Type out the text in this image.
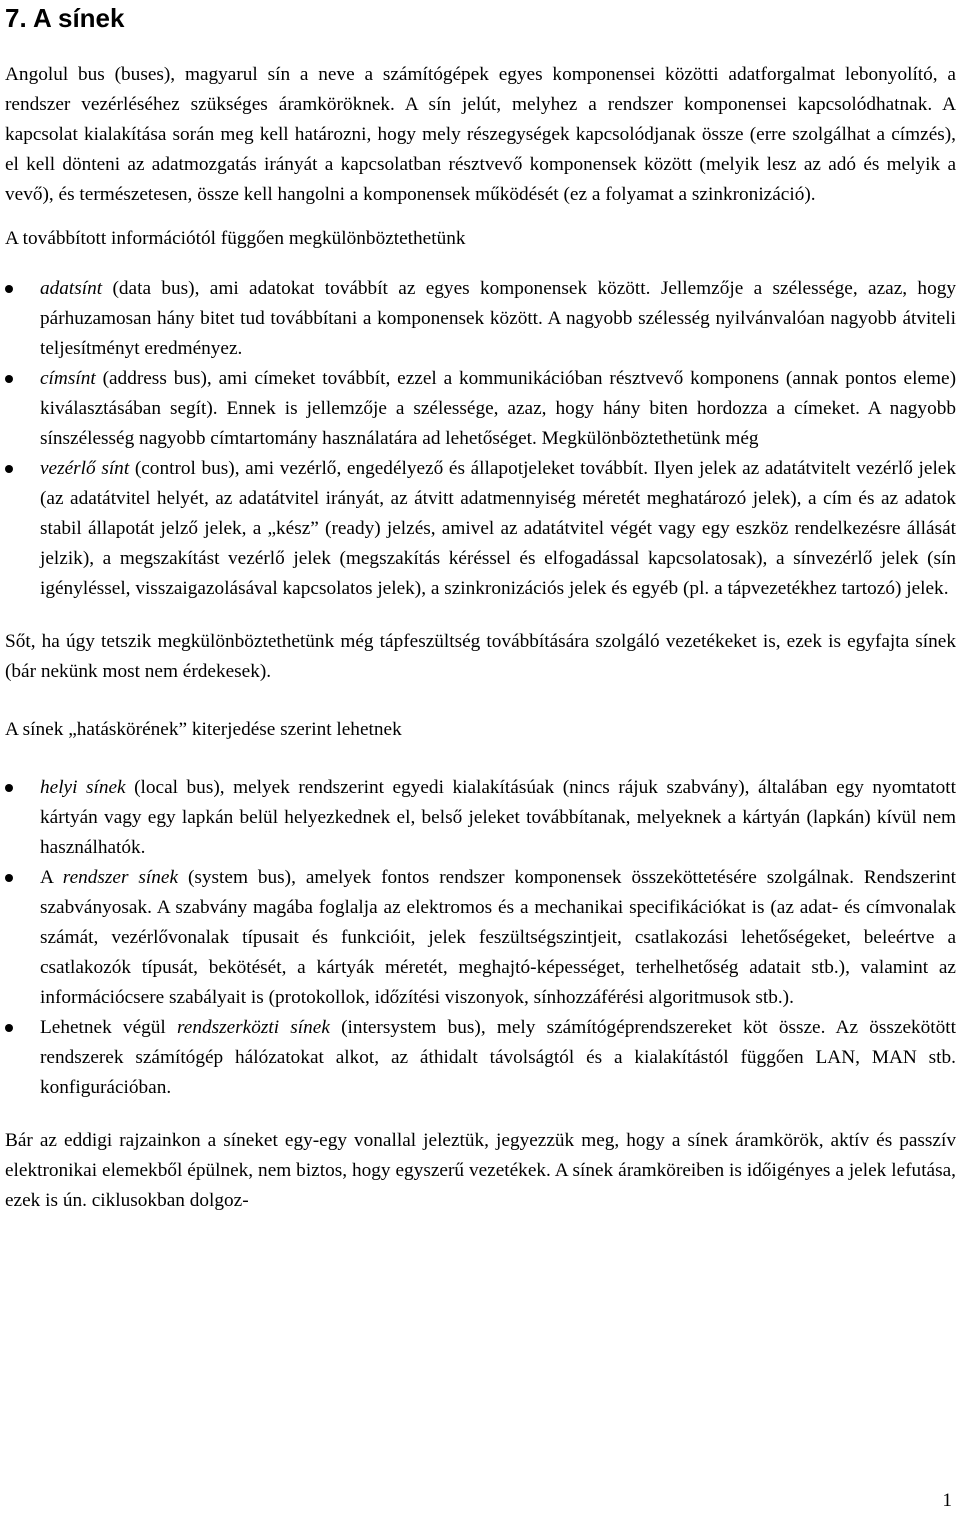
7. A sínek

Angolul bus (buses), magyarul sín a neve a számítógépek egyes komponensei közötti adatforgalmat lebonyolító, a rendszer vezérléséhez szükséges áramköröknek. A sín jelút, melyhez a rendszer komponensei kapcsolódhatnak. A kapcsolat kialakítása során meg kell határozni, hogy mely részegységek kapcsolódjanak össze (erre szolgálhat a címzés), el kell dönteni az adatmozgatás irányát a kapcsolatban résztvevő komponensek között (melyik lesz az adó és melyik a vevő), és természetesen, össze kell hangolni a komponensek működését (ez a folyamat a szinkronizáció).

A továbbított információtól függően megkülönböztethetünk

adatsínt (data bus), ami adatokat továbbít az egyes komponensek között. Jellemzője a szélessége, azaz, hogy párhuzamosan hány bitet tud továbbítani a komponensek között. A nagyobb szélesség nyilvánvalóan nagyobb átviteli teljesítményt eredményez.
címsínt (address bus), ami címeket továbbít, ezzel a kommunikációban résztvevő komponens (annak pontos eleme) kiválasztásában segít). Ennek is jellemzője a szélessége, azaz, hogy hány biten hordozza a címeket. A nagyobb sínszélesség nagyobb címtartomány használatára ad lehetőséget. Megkülönböztethetünk még
vezérlő sínt (control bus), ami vezérlő, engedélyező és állapotjeleket továbbít. Ilyen jelek az adatátvitelt vezérlő jelek (az adatátvitel helyét, az adatátvitel irányát, az átvitt adatmennyiség méretét meghatározó jelek), a cím és az adatok stabil állapotát jelző jelek, a „kész” (ready) jelzés, amivel az adatátvitel végét vagy egy eszköz rendelkezésre állását jelzik), a megszakítást vezérlő jelek (megszakítás kéréssel és elfogadással kapcsolatosak), a sínvezérlő jelek (sín igényléssel, visszaigazolásával kapcsolatos jelek), a szinkronizációs jelek és egyéb (pl. a tápvezetékhez tartozó) jelek.

Sőt, ha úgy tetszik megkülönböztethetünk még tápfeszültség továbbítására szolgáló vezetékeket is, ezek is egyfajta sínek (bár nekünk most nem érdekesek).

A sínek „hatáskörének” kiterjedése szerint lehetnek

helyi sínek (local bus), melyek rendszerint egyedi kialakításúak (nincs rájuk szabvány), általában egy nyomtatott kártyán vagy egy lapkán belül helyezkednek el, belső jeleket továbbítanak, melyeknek a kártyán (lapkán) kívül nem használhatók.
A rendszer sínek (system bus), amelyek fontos rendszer komponensek összeköttetésére szolgálnak. Rendszerint szabványosak. A szabvány magába foglalja az elektromos és a mechanikai specifikációkat is (az adat- és címvonalak számát, vezérlővonalak típusait és funkcióit, jelek feszültségszintjeit, csatlakozási lehetőségeket, beleértve a csatlakozók típusát, bekötését, a kártyák méretét, meghajtó-képességet, terhelhetőség adatait stb.), valamint az információcsere szabályait is (protokollok, időzítési viszonyok, sínhozzáférési algoritmusok stb.).
Lehetnek végül rendszerközti sínek (intersystem bus), mely számítógéprendszereket köt össze. Az összekötött rendszerek számítógép hálózatokat alkot, az áthidalt távolságtól és a kialakítástól függően LAN, MAN stb. konfigurációban.

Bár az eddigi rajzainkon a síneket egy-egy vonallal jeleztük, jegyezzük meg, hogy a sínek áramkörök, aktív és passzív elektronikai elemekből épülnek, nem biztos, hogy egyszerű vezetékek. A sínek áramköreiben is időigényes a jelek lefutása, ezek is ún. ciklusokban dolgoz-

1
